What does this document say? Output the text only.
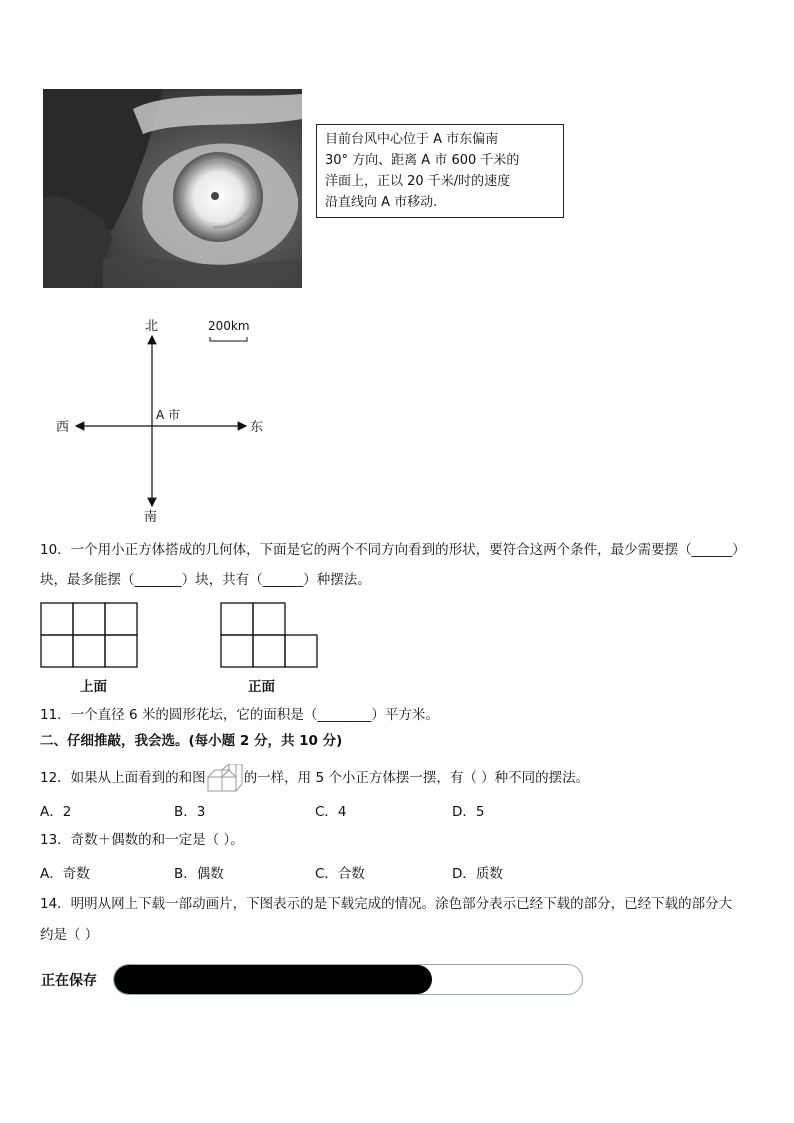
目前台风中心位于 A 市东偏南
30° 方向、距离 A 市 600 千米的
洋面上，正以 20 千米/时的速度
沿直线向 A 市移动.
北
南
东
西
A 市
200km
10．一个用小正方体搭成的几何体，下面是它的两个不同方向看到的形状，要符合这两个条件，最少需要摆（______）
块，最多能摆（_______）块，共有（______）种摆法。
上面	正面
11．一个直径 6 米的圆形花坛，它的面积是（________）平方米。
二、仔细推敲，我会选。(每小题 2 分，共 10 分)
12．如果从上面看到的和图	的一样，用 5 个小正方体摆一摆，有（ ）种不同的摆法。
A．2	B．3	C．4	D．5
13．奇数＋偶数的和一定是（ ）。
A．奇数	B．偶数	C．合数	D．质数
14．明明从网上下载一部动画片，下图表示的是下载完成的情况。涂色部分表示已经下载的部分，已经下载的部分大
约是（ ）
正在保存
